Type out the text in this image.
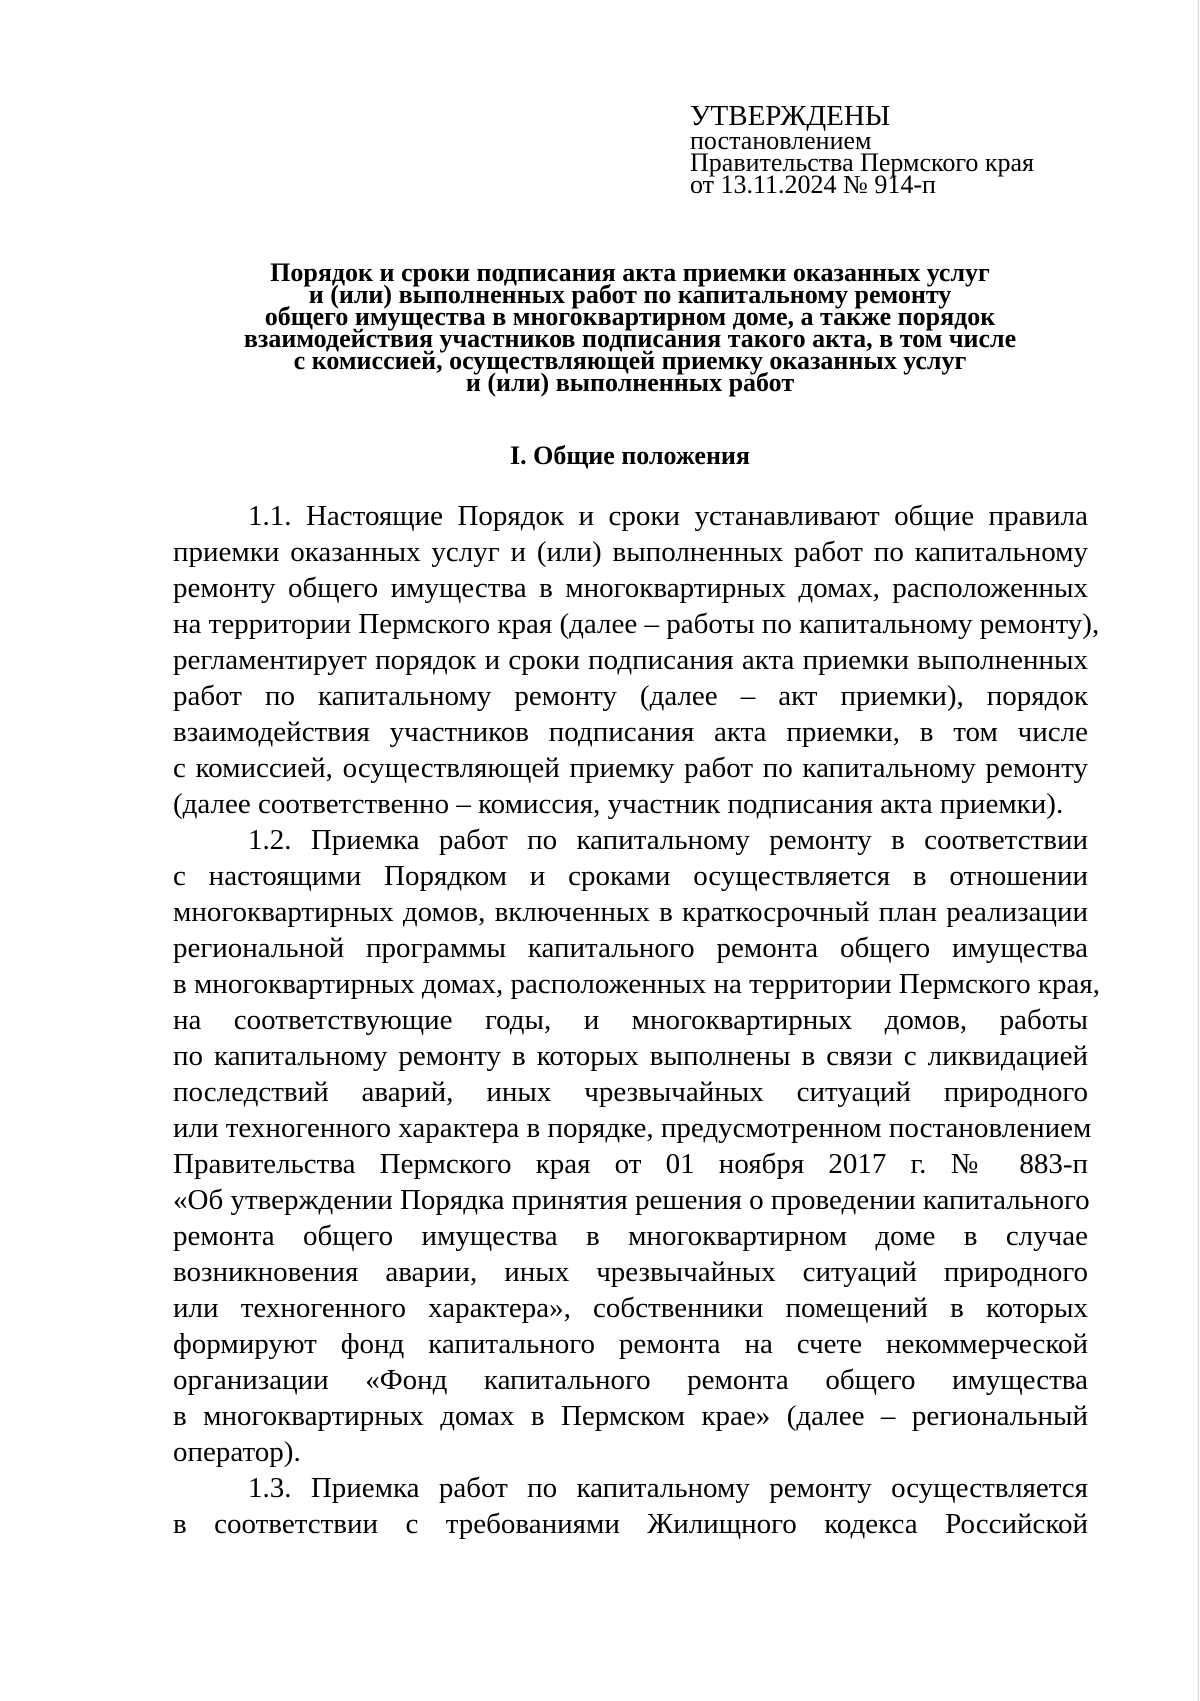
УТВЕРЖДЕНЫ
постановлением
Правительства Пермского края
от 13.11.2024 № 914-п
Порядок и сроки подписания акта приемки оказанных услуг
и (или) выполненных работ по капитальному ремонту
общего имущества в многоквартирном доме, а также порядок
взаимодействия участников подписания такого акта, в том числе
с комиссией, осуществляющей приемку оказанных услуг
и (или) выполненных работ
I. Общие положения
1.1. Настоящие Порядок и сроки устанавливают общие правила
приемки оказанных услуг и (или) выполненных работ по капитальному
ремонту общего имущества в многоквартирных домах, расположенных
на территории Пермского края (далее – работы по капитальному ремонту),
регламентирует порядок и сроки подписания акта приемки выполненных
работ по капитальному ремонту (далее – акт приемки), порядок
взаимодействия участников подписания акта приемки, в том числе
с комиссией, осуществляющей приемку работ по капитальному ремонту
(далее соответственно – комиссия, участник подписания акта приемки).
1.2. Приемка работ по капитальному ремонту в соответствии
с настоящими Порядком и сроками осуществляется в отношении
многоквартирных домов, включенных в краткосрочный план реализации
региональной программы капитального ремонта общего имущества
в многоквартирных домах, расположенных на территории Пермского края,
на соответствующие годы, и многоквартирных домов, работы
по капитальному ремонту в которых выполнены в связи с ликвидацией
последствий аварий, иных чрезвычайных ситуаций природного
или техногенного характера в порядке, предусмотренном постановлением
Правительства Пермского края от 01 ноября 2017 г. № 883-п
«Об утверждении Порядка принятия решения о проведении капитального
ремонта общего имущества в многоквартирном доме в случае
возникновения аварии, иных чрезвычайных ситуаций природного
или техногенного характера», собственники помещений в которых
формируют фонд капитального ремонта на счете некоммерческой
организации «Фонд капитального ремонта общего имущества
в многоквартирных домах в Пермском крае» (далее – региональный
оператор).
1.3. Приемка работ по капитальному ремонту осуществляется
в соответствии с требованиями Жилищного кодекса Российской
